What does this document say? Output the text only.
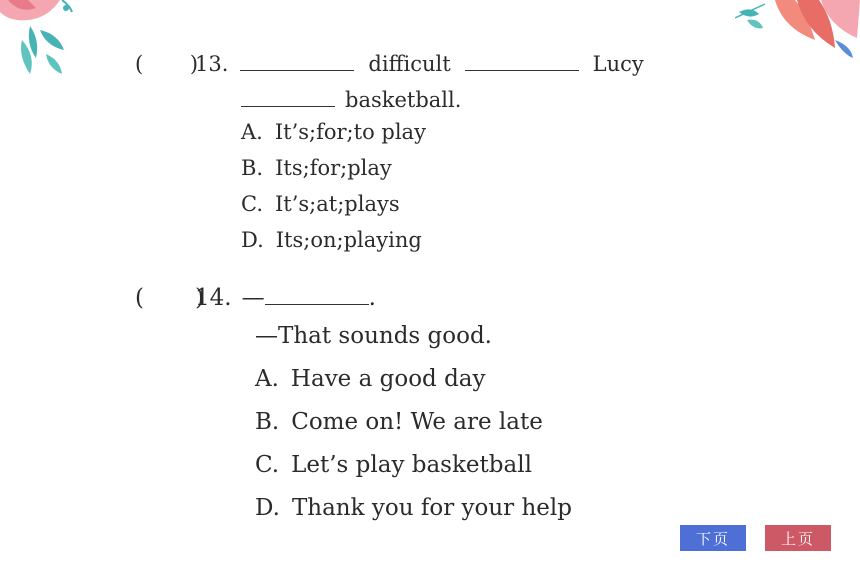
(       )
13.	difficult	Lucy
basketball.
A. It’s;for;to play
B. Its;for;play
C. It’s;at;plays
D. Its;on;playing
(       )
14. —	.
—That sounds good.
A. Have a good day
B. Come on! We are late
C. Let’s play basketball
D. Thank you for your help
下页	上页
